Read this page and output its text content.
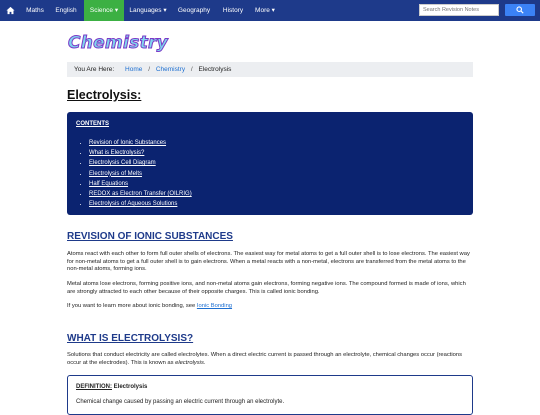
Maths	English	Science ▾	Languages ▾	Geography	History	More ▾
Search Revision Notes
Chemistry
You Are Here: Home / Chemistry / Electrolysis
Electrolysis:
CONTENTS
• Revision of Ionic Substances
• What is Electrolysis?
• Electrolysis Cell Diagram
• Electrolysis of Melts
• Half Equations
• REDOX as Electron Transfer (OILRIG)
• Electrolysis of Aqueous Solutions
REVISION OF IONIC SUBSTANCES

Atoms react with each other to form full outer shells of electrons. The easiest way for metal atoms to get a full outer shell is to lose electrons. The easiest way for non-metal atoms to get a full outer shell is to gain electrons. When a metal reacts with a non-metal, electrons are transferred from the metal atoms to the non-metal atoms, forming ions.

Metal atoms lose electrons, forming positive ions, and non-metal atoms gain electrons, forming negative ions. The compound formed is made of ions, which are strongly attracted to each other because of their opposite charges. This is called ionic bonding.

If you want to learn more about ionic bonding, see Ionic Bonding

WHAT IS ELECTROLYSIS?

Solutions that conduct electricity are called electrolytes. When a direct electric current is passed through an electrolyte, chemical changes occur (reactions occur at the electrodes). This is known as electrolysis.

DEFINITION: Electrolysis
Chemical change caused by passing an electric current through an electrolyte.
